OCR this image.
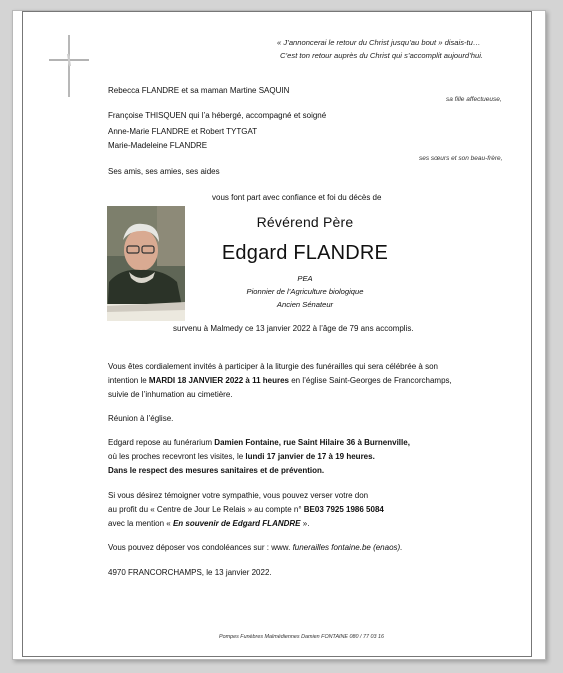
« J’annoncerai le retour du Christ jusqu’au bout » disais-tu…
C’est ton retour auprès du Christ qui s’accomplit aujourd’hui.
Rebecca FLANDRE et sa maman Martine SAQUIN
sa fille affectueuse,
Françoise THISQUEN qui l’a hébergé, accompagné et soigné
Anne-Marie FLANDRE et Robert TYTGAT
Marie-Madeleine FLANDRE
ses sœurs et son beau-frère,
Ses amis, ses amies, ses aides
vous font part avec confiance et foi du décès de
Révérend Père
Edgard FLANDRE
PEA
Pionnier de l’Agriculture biologique
Ancien Sénateur
survenu à Malmedy ce 13 janvier 2022 à l’âge de 79 ans accomplis.
Vous êtes cordialement invités à participer à la liturgie des funérailles qui sera célébrée à son
intention le MARDI 18 JANVIER 2022 à 11 heures en l’église Saint-Georges de Francorchamps,
suivie de l’inhumation au cimetière.
Réunion à l’église.
Edgard repose au funérarium Damien Fontaine, rue Saint Hilaire 36 à Burnenville,
où les proches recevront les visites, le lundi 17 janvier de 17 à 19 heures.
Dans le respect des mesures sanitaires et de prévention.
Si vous désirez témoigner votre sympathie, vous pouvez verser votre don
au profit du « Centre de Jour Le Relais » au compte n° BE03 7925 1986 5084
avec la mention « En souvenir de Edgard FLANDRE ».
Vous pouvez déposer vos condoléances sur : www. funerailles fontaine.be (enaos).
4970 FRANCORCHAMPS, le 13 janvier 2022.
Pompes Funèbres Malmédiennes Damien FONTAINE 080 / 77 03 16
